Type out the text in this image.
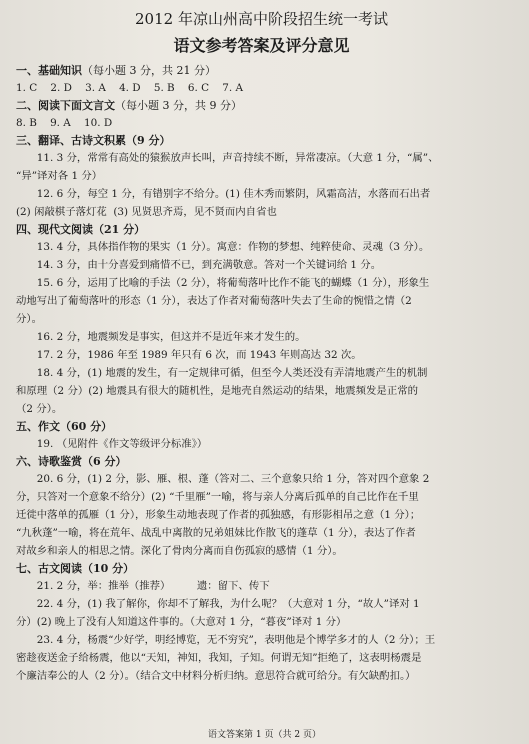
2012 年凉山州高中阶段招生统一考试
语文参考答案及评分意见
一、基础知识（每小题 3 分，共 21 分）
1. C    2. D    3. A    4. D    5. B    6. C    7. A
二、阅读下面文言文（每小题 3 分，共 9 分）
8. B    9. A    10. D
三、翻译、古诗文积累（9 分）
11. 3 分，常常有高处的猿猴放声长叫，声音持续不断，异常凄凉。（大意 1 分，“属”、
“异”译对各 1 分）
12. 6 分，每空 1 分，有错别字不给分。(1) 佳木秀而繁阴，风霜高洁，水落而石出者
(2) 闲敲棋子落灯花  (3) 见贤思齐焉，见不贤而内自省也
四、现代文阅读（21 分）
13. 4 分，具体指作物的果实（1 分）。寓意：作物的梦想、纯粹使命、灵魂（3 分）。
14. 3 分，由十分喜爱到痛惜不已，到充满敬意。答对一个关键词给 1 分。
15. 6 分，运用了比喻的手法（2 分），将葡萄落叶比作不能飞的蝴蝶（1 分），形象生
动地写出了葡萄落叶的形态（1 分），表达了作者对葡萄落叶失去了生命的惋惜之情（2
分）。
16. 2 分，地震频发是事实，但这并不是近年来才发生的。
17. 2 分，1986 年至 1989 年只有 6 次，而 1943 年则高达 32 次。
18. 4 分，(1) 地震的发生，有一定规律可循，但至今人类还没有弄清地震产生的机制
和原理（2 分）(2) 地震具有很大的随机性，是地壳自然运动的结果，地震频发是正常的
（2 分）。
五、作文（60 分）
19. （见附件《作文等级评分标准》）
六、诗歌鉴赏（6 分）
20. 6 分，(1) 2 分，影、雁、根、蓬（答对二、三个意象只给 1 分，答对四个意象 2
分，只答对一个意象不给分）(2) “千里雁”一喻，将与亲人分离后孤单的自己比作在千里
迁徙中落单的孤雁（1 分），形象生动地表现了作者的孤独感，有形影相吊之意（1 分）；
“九秋蓬”一喻，将在荒年、战乱中离散的兄弟姐妹比作散飞的蓬草（1 分），表达了作者
对故乡和亲人的相思之情。深化了骨肉分离而自伤孤寂的感情（1 分）。
七、古文阅读（10 分）
21. 2 分，举：推举（推荐）        遗：留下、传下
22. 4 分，(1) 我了解你，你却不了解我，为什么呢？（大意对 1 分，“故人”译对 1
分）(2) 晚上了没有人知道这件事的。（大意对 1 分，“暮夜”译对 1 分）
23. 4 分，杨震“少好学，明经博览，无不穷究”，表明他是个博学多才的人（2 分）；王
密趁夜送金子给杨震，他以“天知，神知，我知，子知。何谓无知”拒绝了，这表明杨震是
个廉洁奉公的人（2 分）。（结合文中材料分析归纳。意思符合就可给分。有欠缺酌扣。）
语文答案第 1 页（共 2 页）
